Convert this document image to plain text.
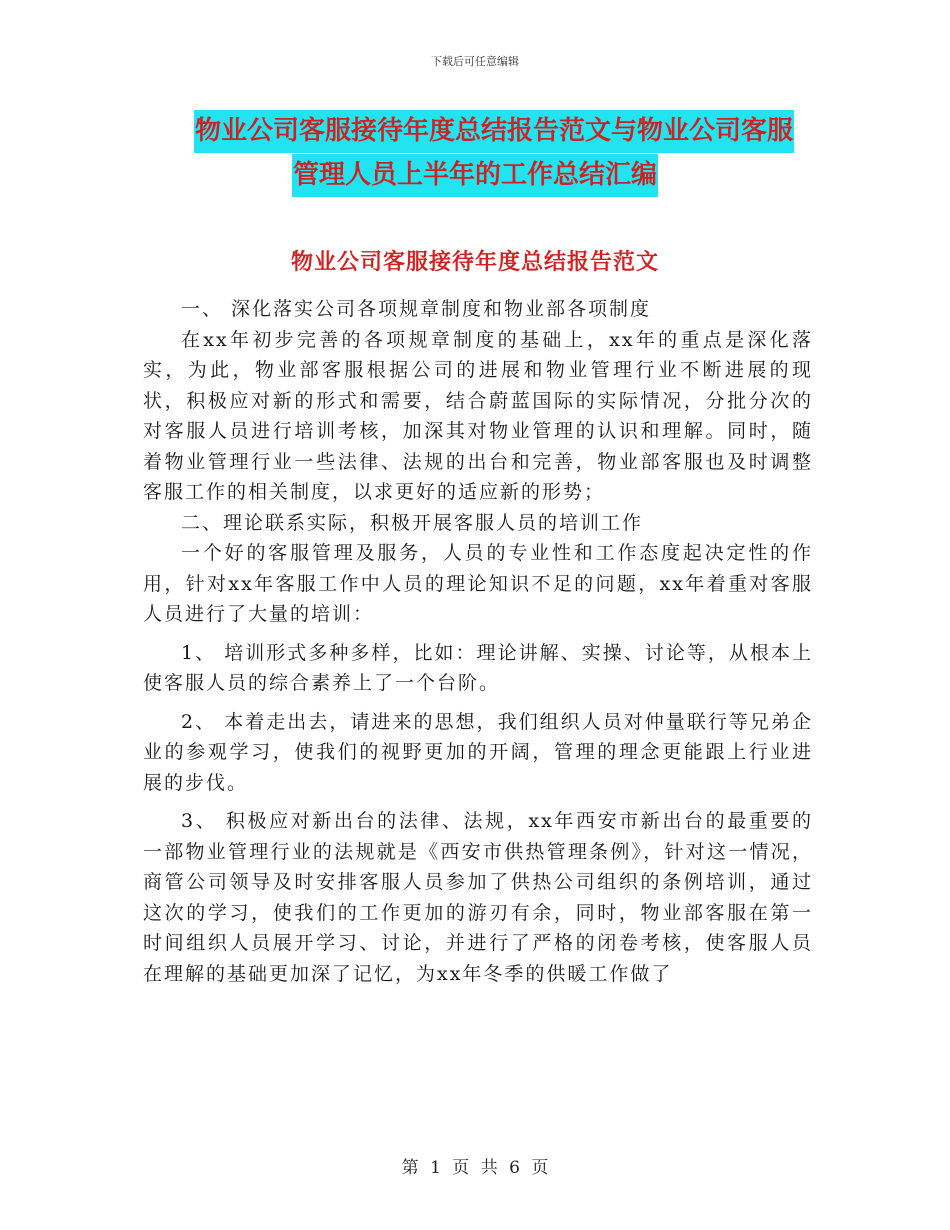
下载后可任意编辑
物业公司客服接待年度总结报告范文与物业公司客服
管理人员上半年的工作总结汇编
物业公司客服接待年度总结报告范文

一、 深化落实公司各项规章制度和物业部各项制度

在xx年初步完善的各项规章制度的基础上，xx年的重点是深化落实，为此，物业部客服根据公司的进展和物业管理行业不断进展的现状，积极应对新的形式和需要，结合蔚蓝国际的实际情况，分批分次的对客服人员进行培训考核，加深其对物业管理的认识和理解。同时，随着物业管理行业一些法律、法规的出台和完善，物业部客服也及时调整客服工作的相关制度，以求更好的适应新的形势；

二、理论联系实际，积极开展客服人员的培训工作

一个好的客服管理及服务，人员的专业性和工作态度起决定性的作用，针对xx年客服工作中人员的理论知识不足的问题，xx年着重对客服人员进行了大量的培训：

1、 培训形式多种多样，比如：理论讲解、实操、讨论等，从根本上使客服人员的综合素养上了一个台阶。

2、 本着走出去，请进来的思想，我们组织人员对仲量联行等兄弟企业的参观学习，使我们的视野更加的开阔，管理的理念更能跟上行业进展的步伐。

3、 积极应对新出台的法律、法规，xx年西安市新出台的最重要的一部物业管理行业的法规就是《西安市供热管理条例》，针对这一情况，商管公司领导及时安排客服人员参加了供热公司组织的条例培训，通过这次的学习，使我们的工作更加的游刃有余，同时，物业部客服在第一时间组织人员展开学习、讨论，并进行了严格的闭卷考核，使客服人员在理解的基础更加深了记忆，为xx年冬季的供暖工作做了

第 1 页 共 6 页
